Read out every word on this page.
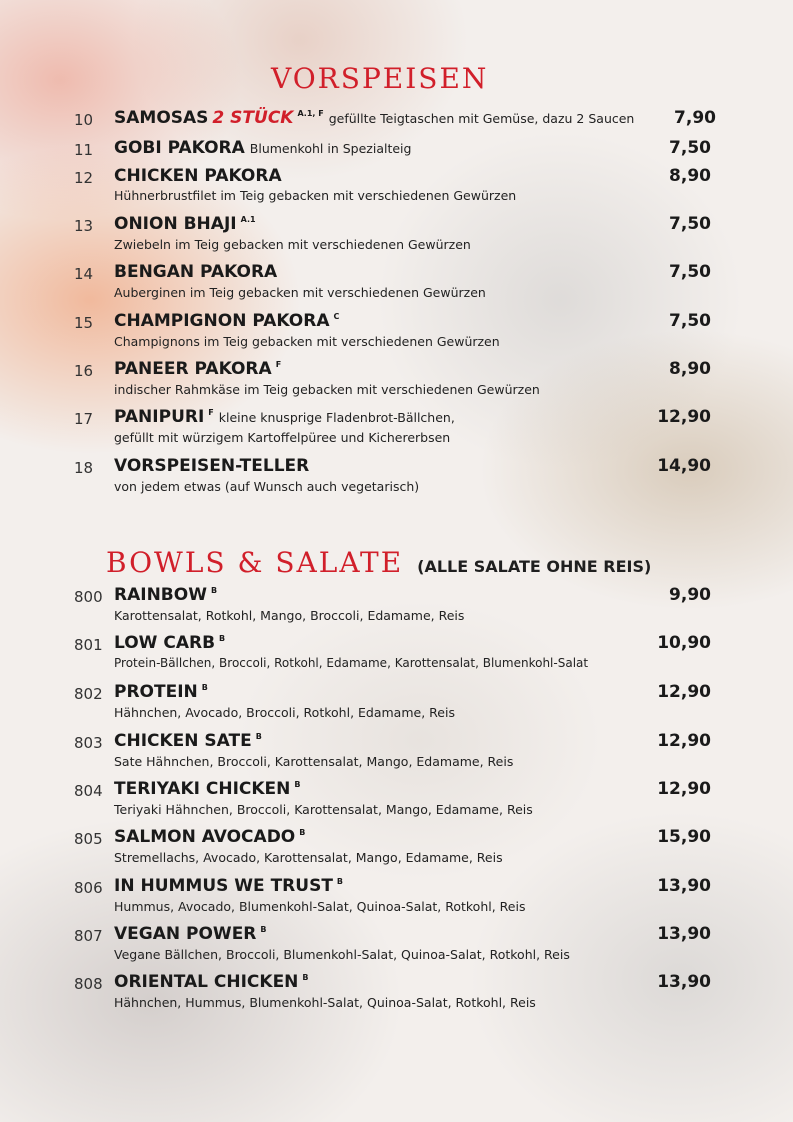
VORSPEISEN
10	SAMOSAS 2 STÜCK $^{A.1, F}$ gefüllte Teigtaschen mit Gemüse, dazu 2 Saucen 7,90
11	GOBI PAKORA Blumenkohl in Spezialteig	7,50
12	CHICKEN PAKORA
Hühnerbrustfilet im Teig gebacken mit verschiedenen Gewürzen
8,90
13	ONION BHAJI $^{A.1}$
Zwiebeln im Teig gebacken mit verschiedenen Gewürzen
7,50
14	BENGAN PAKORA
Auberginen im Teig gebacken mit verschiedenen Gewürzen
7,50
15	CHAMPIGNON PAKORA $^C$
Champignons im Teig gebacken mit verschiedenen Gewürzen
7,50
16	PANEER PAKORA $^F$
indischer Rahmkäse im Teig gebacken mit verschiedenen Gewürzen
8,90
17	PANIPURI $^F$ kleine knusprige Fladenbrot-Bällchen,
gefüllt mit würzigem Kartoffelpüree und Kichererbsen
12,90
18	VORSPEISEN-TELLER
von jedem etwas (auf Wunsch auch vegetarisch)
14,90
BOWLS & SALATE (ALLE SALATE OHNE REIS)
800 RAINBOW $^B$
Karottensalat, Rotkohl, Mango, Broccoli, Edamame, Reis
9,90
801 LOW CARB $^B$
Protein-Bällchen, Broccoli, Rotkohl, Edamame, Karottensalat, Blumenkohl-Salat
10,90
802 PROTEIN $^B$
Hähnchen, Avocado, Broccoli, Rotkohl, Edamame, Reis
12,90
803 CHICKEN SATE $^B$
Sate Hähnchen, Broccoli, Karottensalat, Mango, Edamame, Reis
12,90
804 TERIYAKI CHICKEN $^B$
Teriyaki Hähnchen, Broccoli, Karottensalat, Mango, Edamame, Reis
12,90
805 SALMON AVOCADO $^B$
Stremellachs, Avocado, Karottensalat, Mango, Edamame, Reis
15,90
806 IN HUMMUS WE TRUST $^B$
Hummus, Avocado, Blumenkohl-Salat, Quinoa-Salat, Rotkohl, Reis
13,90
807 VEGAN POWER $^B$
Vegane Bällchen, Broccoli, Blumenkohl-Salat, Quinoa-Salat, Rotkohl, Reis
13,90
808 ORIENTAL CHICKEN $^B$
Hähnchen, Hummus, Blumenkohl-Salat, Quinoa-Salat, Rotkohl, Reis
13,90
